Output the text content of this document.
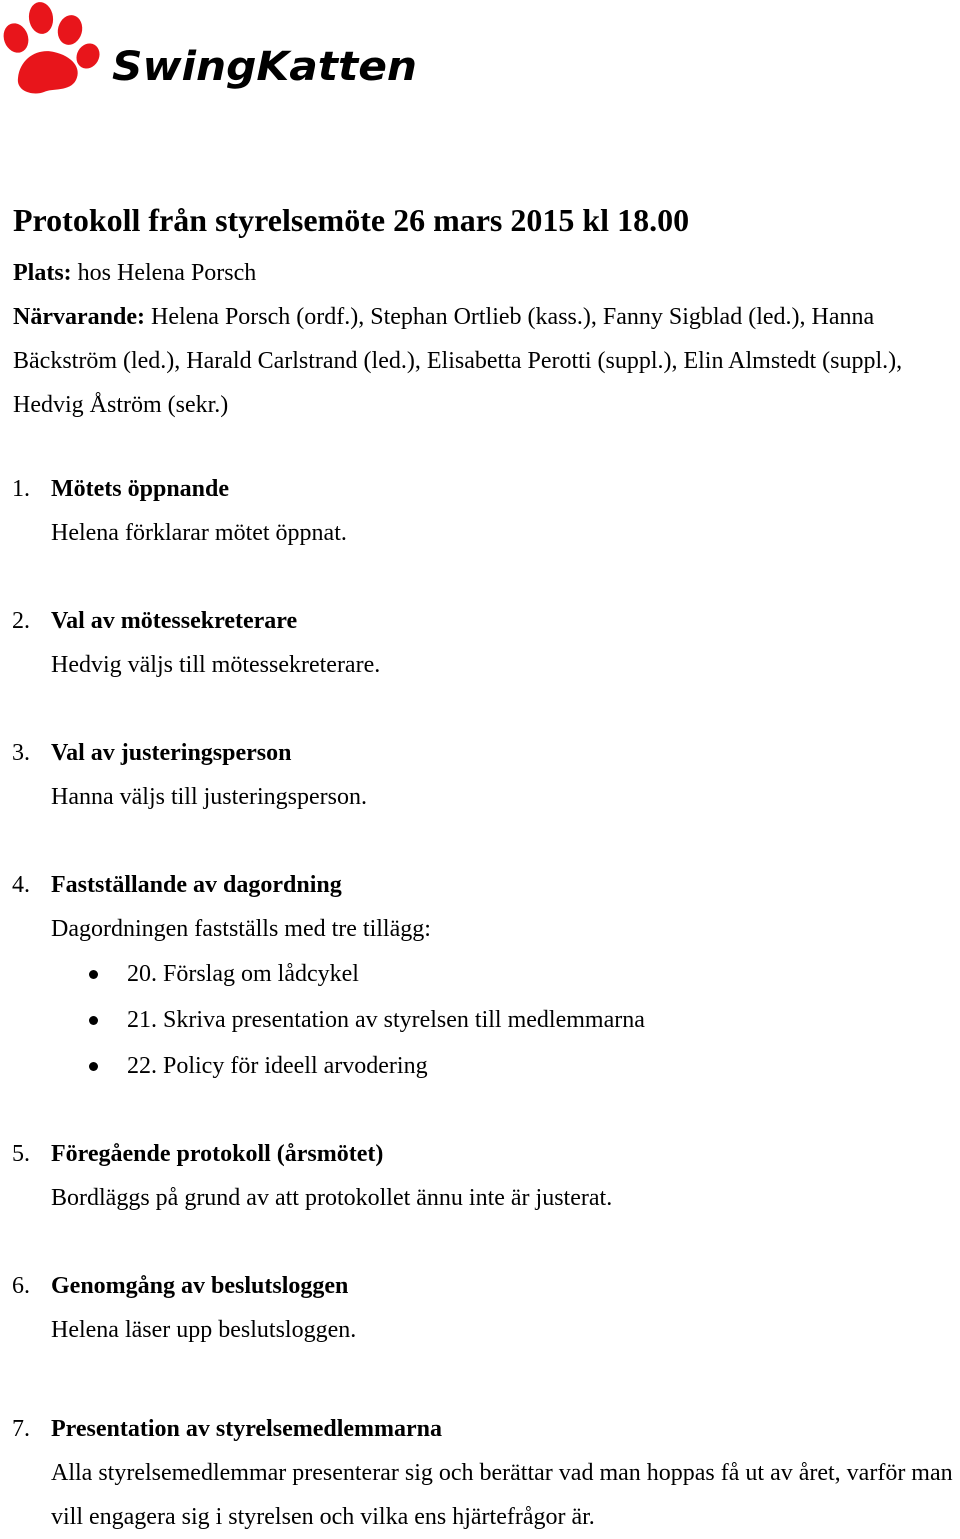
SwingKatten
Protokoll från styrelsemöte 26 mars 2015 kl 18.00
Plats: hos Helena Porsch
Närvarande: Helena Porsch (ordf.), Stephan Ortlieb (kass.), Fanny Sigblad (led.), Hanna Bäckström (led.), Harald Carlstrand (led.), Elisabetta Perotti (suppl.), Elin Almstedt (suppl.), Hedvig Åström (sekr.)
1. Mötets öppnande
Helena förklarar mötet öppnat.
2. Val av mötessekreterare
Hedvig väljs till mötessekreterare.
3. Val av justeringsperson
Hanna väljs till justeringsperson.
4. Fastställande av dagordning
Dagordningen fastställs med tre tillägg:
20. Förslag om lådcykel
21. Skriva presentation av styrelsen till medlemmarna
22. Policy för ideell arvodering
5. Föregående protokoll (årsmötet)
Bordläggs på grund av att protokollet ännu inte är justerat.
6. Genomgång av beslutsloggen
Helena läser upp beslutsloggen.
7. Presentation av styrelsemedlemmarna
Alla styrelsemedlemmar presenterar sig och berättar vad man hoppas få ut av året, varför man vill engagera sig i styrelsen och vilka ens hjärtefrågor är.
